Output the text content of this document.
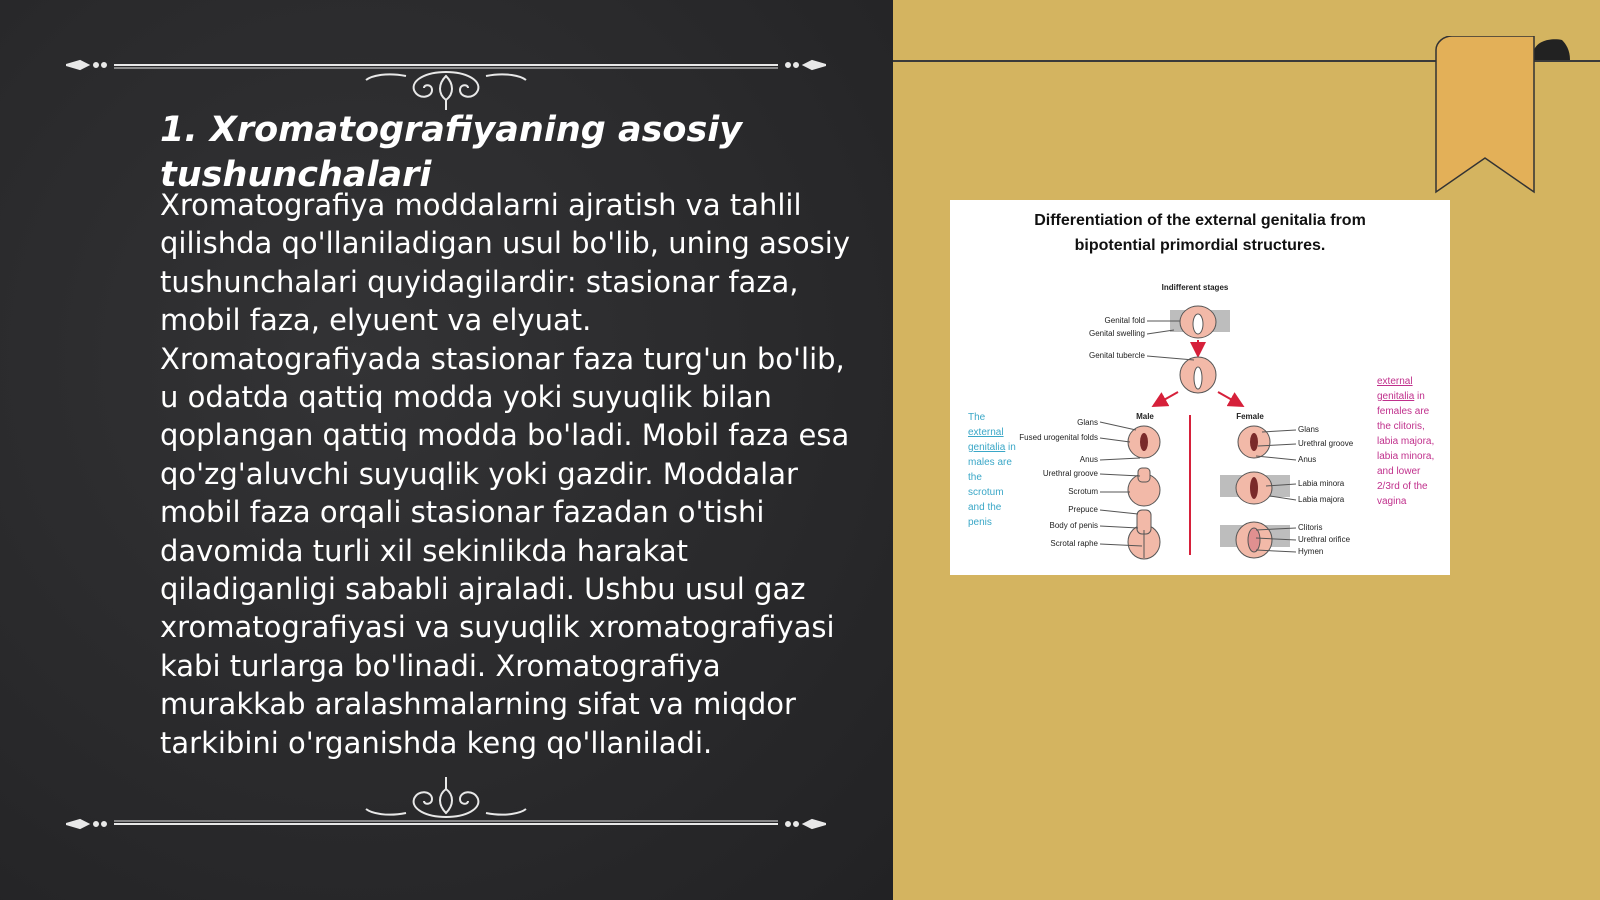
1. Xromatografiyaning asosiy tushunchalari

Xromatografiya moddalarni ajratish va tahlil qilishda qo'llaniladigan usul bo'lib, uning asosiy tushunchalari quyidagilardir: stasionar faza, mobil faza, elyuent va elyuat. Xromatografiyada stasionar faza turg'un bo'lib, u odatda qattiq modda yoki suyuqlik bilan qoplangan qattiq modda bo'ladi. Mobil faza esa qo'zg'aluvchi suyuqlik yoki gazdir. Moddalar mobil faza orqali stasionar fazadan o'tishi davomida turli xil sekinlikda harakat qiladiganligi sababli ajraladi. Ushbu usul gaz xromatografiyasi va suyuqlik xromatografiyasi kabi turlarga bo'linadi. Xromatografiya murakkab aralashmalarning sifat va miqdor tarkibini o'rganishda keng qo'llaniladi.

Differentiation of the external genitalia from
bipotential primordial structures.
Indifferent stages
Genital fold
Genital swelling
Genital tubercle
Male	Female
Glans
Fused urogenital folds
Anus
Urethral groove
Scrotum
Prepuce
Body of penis
Scrotal raphe
Glans
Urethral groove
Anus
Labia minora
Labia majora
Clitoris
Urethral orifice
Hymen
The external genitalia in males are the scrotum and the penis
external genitalia in females are the clitoris, labia majora, labia minora, and lower 2/3rd of the vagina
